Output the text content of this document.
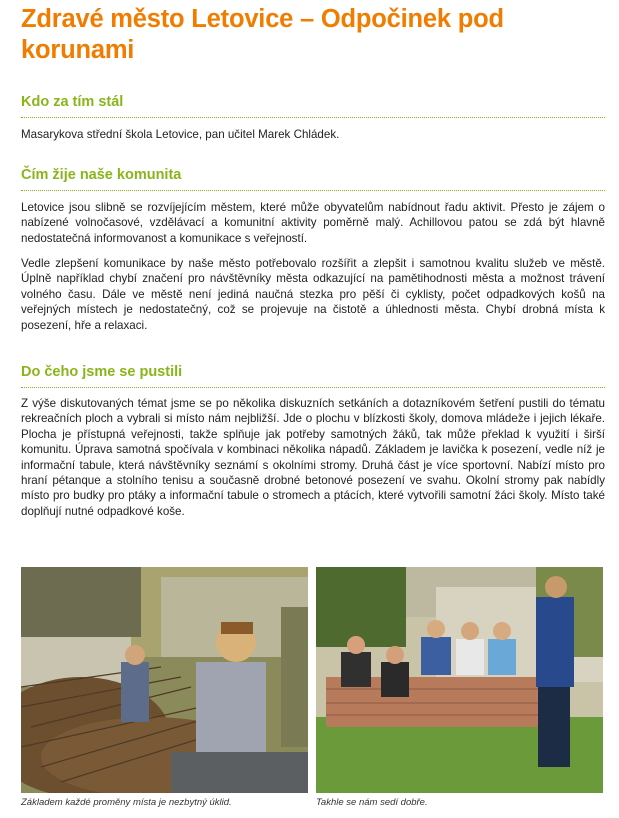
Zdravé město Letovice – Odpočinek pod korunami
Kdo za tím stál

Masarykova střední škola Letovice, pan učitel Marek Chládek.

Čím žije naše komunita

Letovice jsou slibně se rozvíjejícím městem, které může obyvatelům nabídnout řadu aktivit. Přesto je zájem o nabízené volnočasové, vzdělávací a komunitní aktivity poměrně malý. Achillovou patou se zdá být hlavně nedostatečná informovanost a komunikace s veřejností.

Vedle zlepšení komunikace by naše město potřebovalo rozšířit a zlepšit i samotnou kvalitu služeb ve městě. Úplně například chybí značení pro návštěvníky města odkazující na pamětihodnosti města a možnost trávení volného času. Dále ve městě není jediná naučná stezka pro pěší či cyklisty, počet odpadkových košů na veřejných místech je nedostatečný, což se projevuje na čistotě a úhlednosti města. Chybí drobná místa k posezení, hře a relaxaci.

Do čeho jsme se pustili

Z výše diskutovaných témat jsme se po několika diskuzních setkáních a dotazníkovém šetření pustili do tématu rekreačních ploch a vybrali si místo nám nejbližší. Jde o plochu v blízkosti školy, domova mládeže i jejich lékaře. Plocha je přístupná veřejnosti, takže splňuje jak potřeby samotných žáků, tak může překlad k využití i širší komunitu. Úprava samotná spočívala v kombinaci několika nápadů. Základem je lavička k posezení, vedle níž je informační tabule, která návštěvníky seznámí s okolními stromy. Druhá část je více sportovní. Nabízí místo pro hraní pétanque a stolního tenisu a současně drobné betonové posezení ve svahu. Okolní stromy pak nabídly místo pro budky pro ptáky a informační tabule o stromech a ptácích, které vytvořili samotní žáci školy. Místo také doplňují nutné odpadkové koše.

Základem každé proměny místa je nezbytný úklid.	Takhle se nám sedí dobře.
